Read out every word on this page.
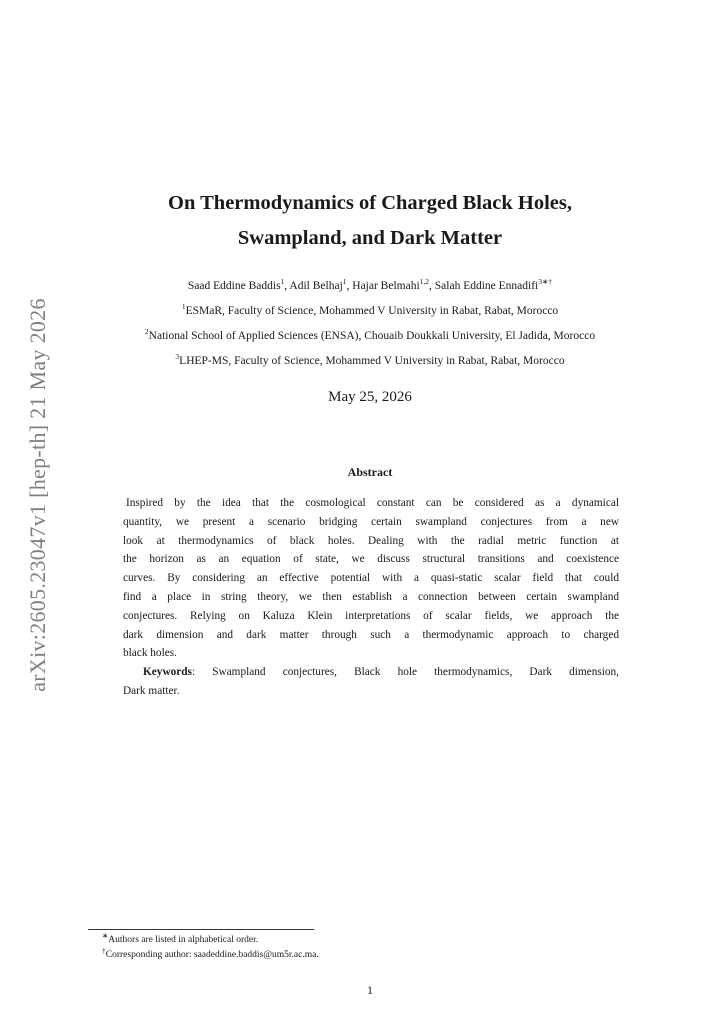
arXiv:2605.23047v1 [hep-th] 21 May 2026
On Thermodynamics of Charged Black Holes,
Swampland, and Dark Matter
Saad Eddine Baddis$^1$, Adil Belhaj$^1$, Hajar Belmahi$^{1,2}$, Salah Eddine Ennadifi$^{3∗\dagger}$
$^1$ESMaR, Faculty of Science, Mohammed V University in Rabat, Rabat, Morocco
$^2$National School of Applied Sciences (ENSA), Chouaib Doukkali University, El Jadida, Morocco
$^3$LHEP-MS, Faculty of Science, Mohammed V University in Rabat, Rabat, Morocco
May 25, 2026
Abstract
Inspired by the idea that the cosmological constant can be considered as a dynamical
quantity, we present a scenario bridging certain swampland conjectures from a new
look at thermodynamics of black holes. Dealing with the radial metric function at
the horizon as an equation of state, we discuss structural transitions and coexistence
curves. By considering an effective potential with a quasi-static scalar field that could
find a place in string theory, we then establish a connection between certain swampland
conjectures. Relying on Kaluza Klein interpretations of scalar fields, we approach the
dark dimension and dark matter through such a thermodynamic approach to charged
black holes.
Keywords: Swampland conjectures, Black hole thermodynamics, Dark dimension,
Dark matter.
∗Authors are listed in alphabetical order.
†Corresponding author: saadeddine.baddis@um5r.ac.ma.
1
